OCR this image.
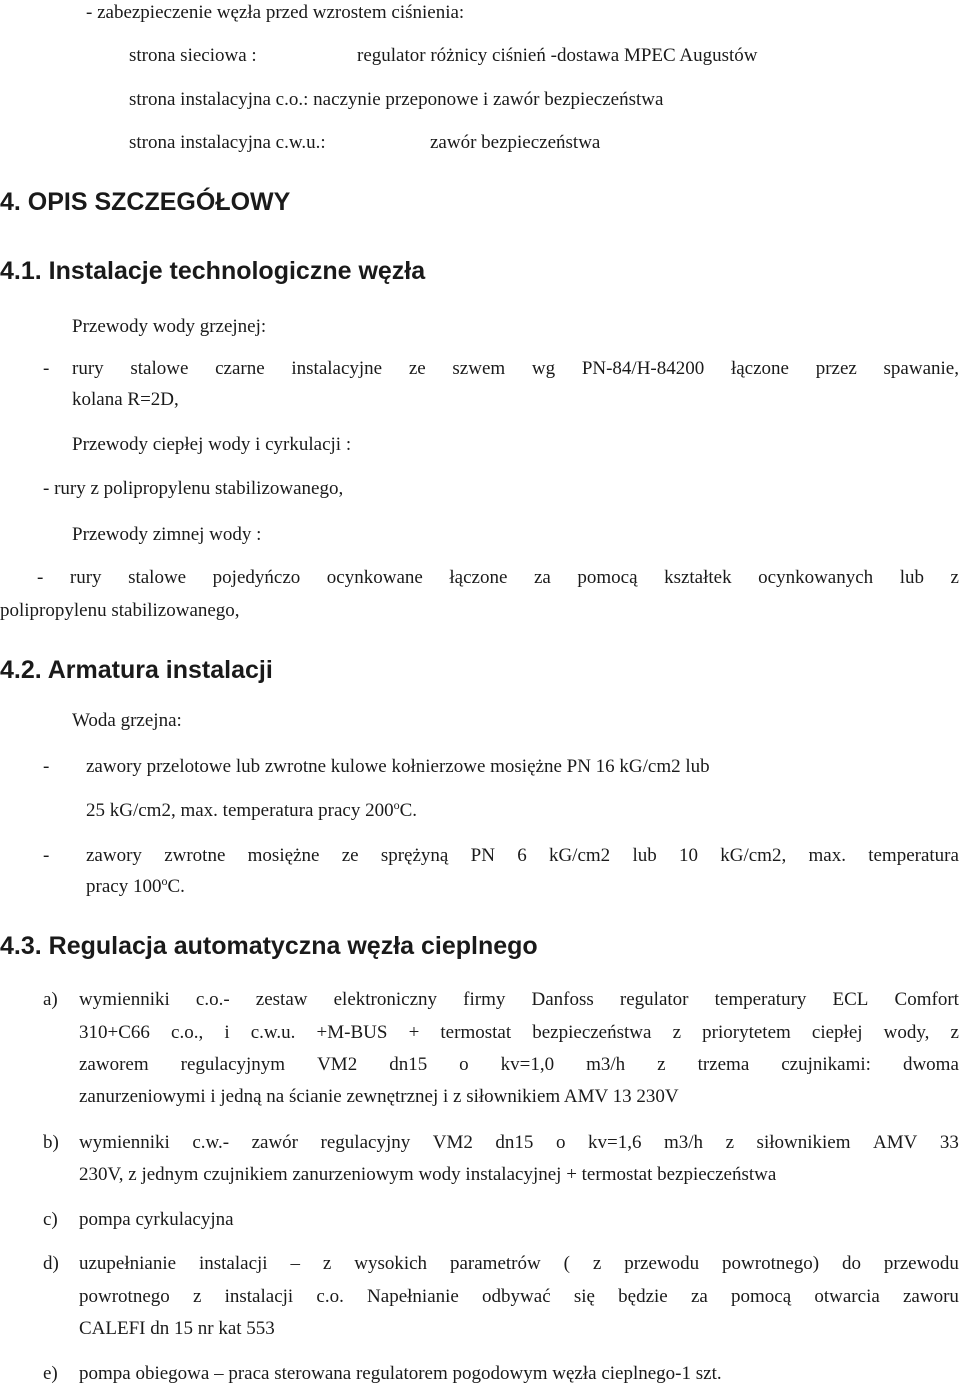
- zabezpieczenie węzła przed wzrostem ciśnienia:
strona sieciowa :	regulator różnicy ciśnień -dostawa MPEC Augustów
strona instalacyjna c.o.: naczynie przeponowe i zawór bezpieczeństwa
strona instalacyjna c.w.u.:	zawór bezpieczeństwa
4. OPIS SZCZEGÓŁOWY
4.1. Instalacje technologiczne węzła
Przewody wody grzejnej:
- rury stalowe czarne instalacyjne ze szwem wg PN-84/H-84200 łączone przez spawanie,
kolana R=2D,
Przewody ciepłej wody i cyrkulacji :
- rury z polipropylenu stabilizowanego,
Przewody zimnej wody :
- rury stalowe pojedyńczo ocynkowane łączone za pomocą kształtek ocynkowanych lub z
polipropylenu stabilizowanego,
4.2. Armatura instalacji
Woda grzejna:
- zawory przelotowe lub zwrotne kulowe kołnierzowe mosiężne PN 16 kG/cm2 lub
25 kG/cm2, max. temperatura pracy 200$^o$C.
- zawory zwrotne mosiężne ze sprężyną PN 6 kG/cm2 lub 10 kG/cm2, max. temperatura
pracy 100$^o$C.
4.3. Regulacja automatyczna węzła cieplnego
a) wymienniki c.o.- zestaw elektroniczny firmy Danfoss regulator temperatury ECL Comfort
310+C66 c.o., i c.w.u. +M-BUS + termostat bezpieczeństwa z priorytetem ciepłej wody, z
zaworem regulacyjnym VM2 dn15 o kv=1,0 m3/h z trzema czujnikami: dwoma
zanurzeniowymi i jedną na ścianie zewnętrznej i z siłownikiem AMV 13 230V
b) wymienniki c.w.- zawór regulacyjny VM2 dn15 o kv=1,6 m3/h z siłownikiem AMV 33
230V, z jednym czujnikiem zanurzeniowym wody instalacyjnej + termostat bezpieczeństwa
c) pompa cyrkulacyjna
d) uzupełnianie instalacji – z wysokich parametrów ( z przewodu powrotnego) do przewodu
powrotnego z instalacji c.o. Napełnianie odbywać się będzie za pomocą otwarcia zaworu
CALEFI dn 15 nr kat 553
e) pompa obiegowa – praca sterowana regulatorem pogodowym węzła cieplnego-1 szt.
